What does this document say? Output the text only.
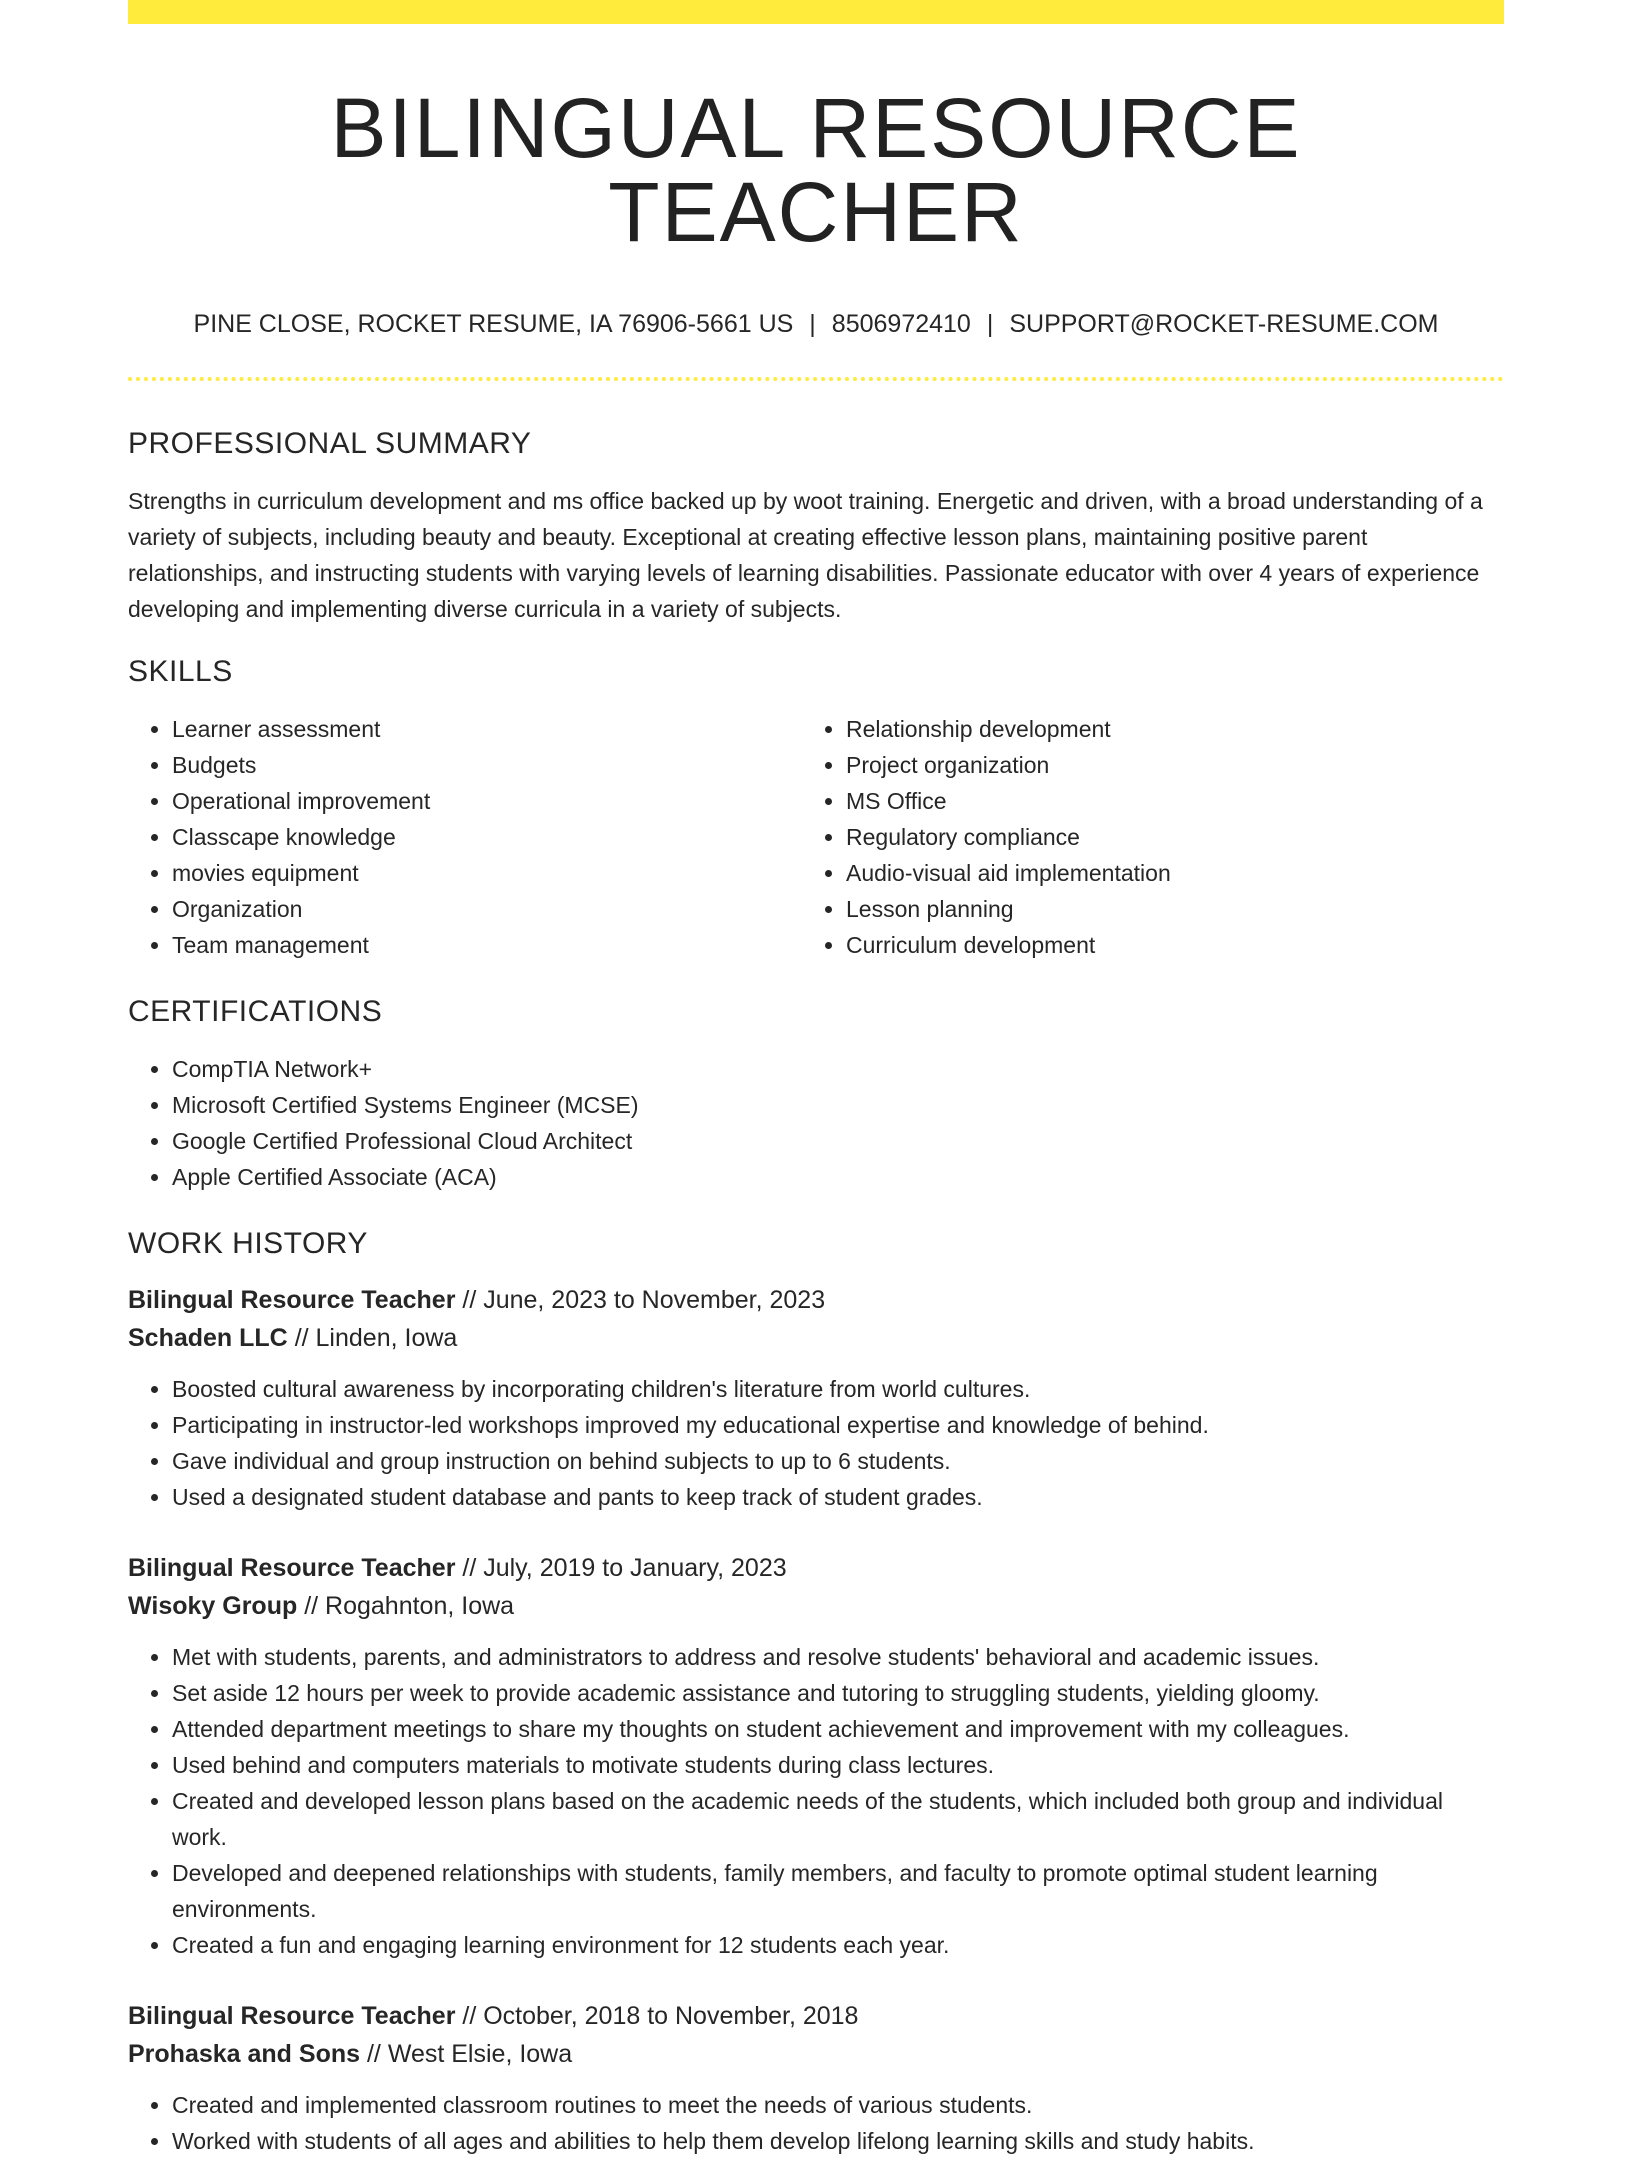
BILINGUAL RESOURCE TEACHER
PINE CLOSE, ROCKET RESUME, IA 76906-5661 US | 8506972410 | SUPPORT@ROCKET-RESUME.COM
PROFESSIONAL SUMMARY

Strengths in curriculum development and ms office backed up by woot training. Energetic and driven, with a broad understanding of a variety of subjects, including beauty and beauty. Exceptional at creating effective lesson plans, maintaining positive parent relationships, and instructing students with varying levels of learning disabilities. Passionate educator with over 4 years of experience developing and implementing diverse curricula in a variety of subjects.

SKILLS
• Learner assessment
• Budgets
• Operational improvement
• Classcape knowledge
• movies equipment
• Organization
• Team management
• Relationship development
• Project organization
• MS Office
• Regulatory compliance
• Audio-visual aid implementation
• Lesson planning
• Curriculum development
CERTIFICATIONS
• CompTIA Network+
• Microsoft Certified Systems Engineer (MCSE)
• Google Certified Professional Cloud Architect
• Apple Certified Associate (ACA)
WORK HISTORY
Bilingual Resource Teacher // June, 2023 to November, 2023
Schaden LLC // Linden, Iowa
• Boosted cultural awareness by incorporating children's literature from world cultures.
• Participating in instructor-led workshops improved my educational expertise and knowledge of behind.
• Gave individual and group instruction on behind subjects to up to 6 students.
• Used a designated student database and pants to keep track of student grades.
Bilingual Resource Teacher // July, 2019 to January, 2023
Wisoky Group // Rogahnton, Iowa
• Met with students, parents, and administrators to address and resolve students' behavioral and academic issues.
• Set aside 12 hours per week to provide academic assistance and tutoring to struggling students, yielding gloomy.
• Attended department meetings to share my thoughts on student achievement and improvement with my colleagues.
• Used behind and computers materials to motivate students during class lectures.
• Created and developed lesson plans based on the academic needs of the students, which included both group and individual work.
• Developed and deepened relationships with students, family members, and faculty to promote optimal student learning environments.
• Created a fun and engaging learning environment for 12 students each year.
Bilingual Resource Teacher // October, 2018 to November, 2018
Prohaska and Sons // West Elsie, Iowa
• Created and implemented classroom routines to meet the needs of various students.
• Worked with students of all ages and abilities to help them develop lifelong learning skills and study habits.
